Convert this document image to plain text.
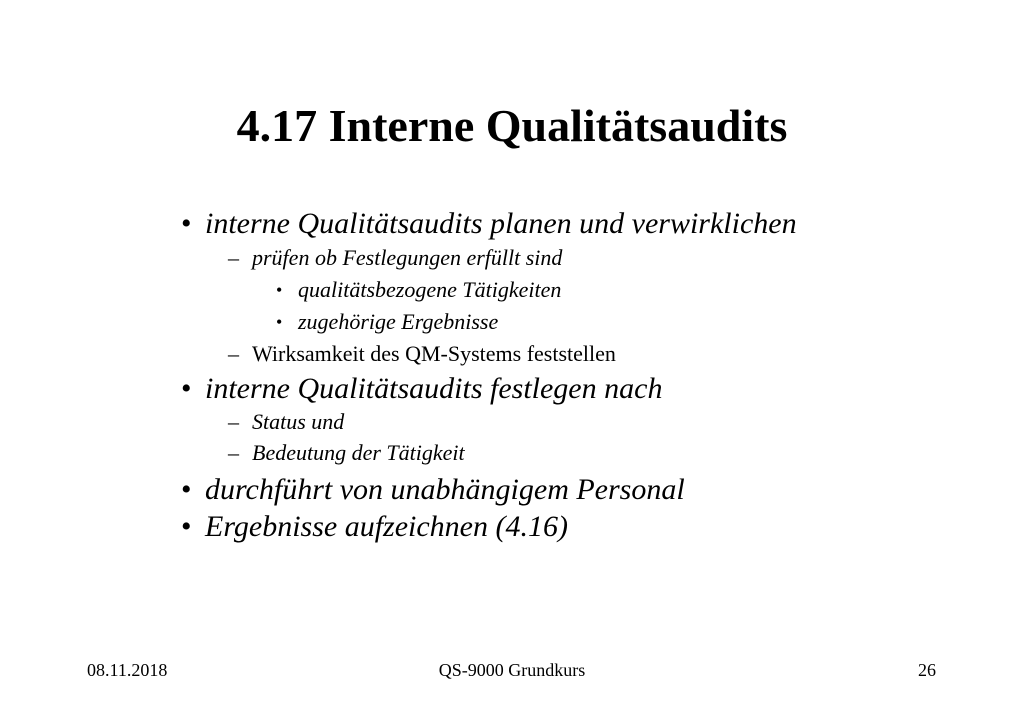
4.17 Interne Qualitätsaudits
• interne Qualitätsaudits planen und verwirklichen
– prüfen ob Festlegungen erfüllt sind
• qualitätsbezogene Tätigkeiten
• zugehörige Ergebnisse
– Wirksamkeit des QM-Systems feststellen
• interne Qualitätsaudits festlegen nach
– Status und
– Bedeutung der Tätigkeit
• durchführt von unabhängigem Personal
• Ergebnisse aufzeichnen (4.16)
08.11.2018	QS-9000 Grundkurs	26
